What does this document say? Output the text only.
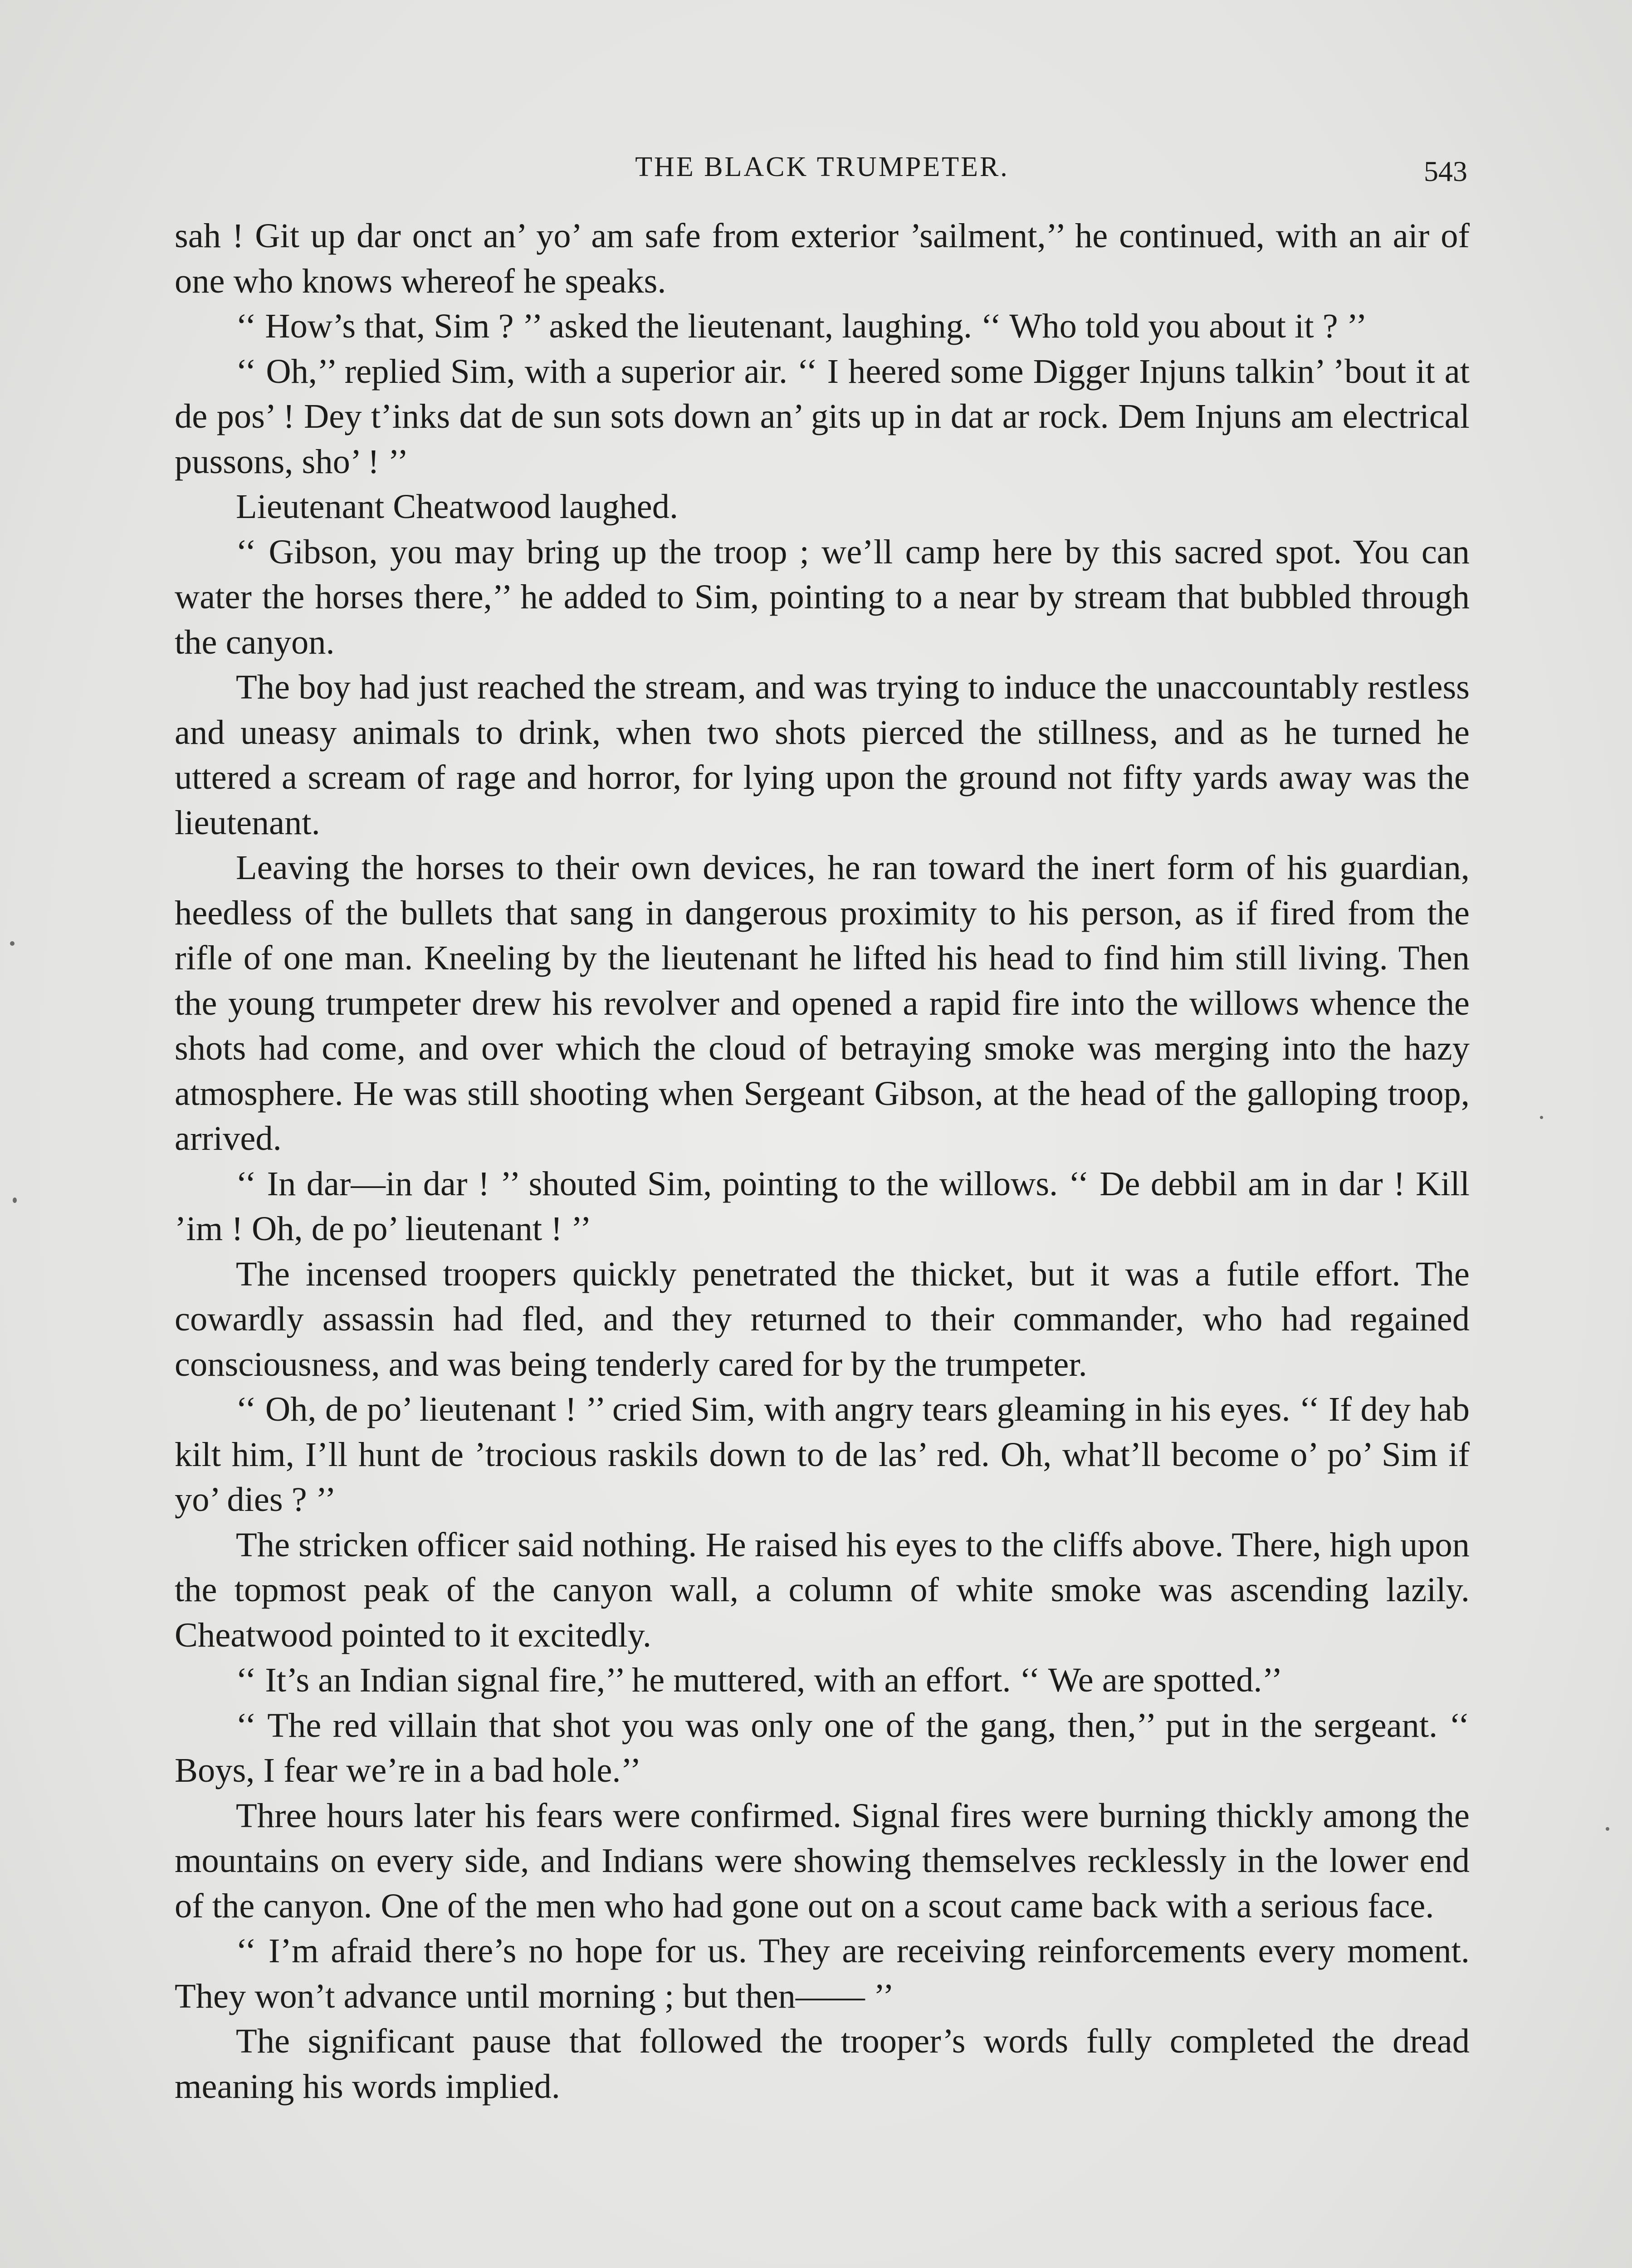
THE BLACK TRUMPETER.	543

sah ! Git up dar onct an’ yo’ am safe from exterior ’sailment,’’ he continued, with an air of one who knows whereof he speaks.

‘‘ How’s that, Sim ? ’’ asked the lieutenant, laughing. ‘‘ Who told you about it ? ’’

‘‘ Oh,’’ replied Sim, with a superior air. ‘‘ I heered some Digger Injuns talkin’ ’bout it at de pos’ ! Dey t’inks dat de sun sots down an’ gits up in dat ar rock. Dem Injuns am electrical pussons, sho’ ! ’’

Lieutenant Cheatwood laughed.

‘‘ Gibson, you may bring up the troop ; we’ll camp here by this sacred spot. You can water the horses there,’’ he added to Sim, pointing to a near by stream that bubbled through the canyon.

The boy had just reached the stream, and was trying to induce the unaccountably restless and uneasy animals to drink, when two shots pierced the stillness, and as he turned he uttered a scream of rage and horror, for lying upon the ground not fifty yards away was the lieutenant.

Leaving the horses to their own devices, he ran toward the inert form of his guardian, heedless of the bullets that sang in dangerous proximity to his person, as if fired from the rifle of one man. Kneeling by the lieutenant he lifted his head to find him still living. Then the young trumpeter drew his revolver and opened a rapid fire into the willows whence the shots had come, and over which the cloud of betraying smoke was merging into the hazy atmosphere. He was still shooting when Sergeant Gibson, at the head of the galloping troop, arrived.

‘‘ In dar—in dar ! ’’ shouted Sim, pointing to the willows. ‘‘ De debbil am in dar ! Kill ’im ! Oh, de po’ lieutenant ! ’’

The incensed troopers quickly penetrated the thicket, but it was a futile effort. The cowardly assassin had fled, and they returned to their commander, who had regained consciousness, and was being tenderly cared for by the trumpeter.

‘‘ Oh, de po’ lieutenant ! ’’ cried Sim, with angry tears gleaming in his eyes. ‘‘ If dey hab kilt him, I’ll hunt de ’trocious raskils down to de las’ red. Oh, what’ll become o’ po’ Sim if yo’ dies ? ’’

The stricken officer said nothing. He raised his eyes to the cliffs above. There, high upon the topmost peak of the canyon wall, a column of white smoke was ascending lazily. Cheatwood pointed to it excitedly.

‘‘ It’s an Indian signal fire,’’ he muttered, with an effort. ‘‘ We are spotted.’’

‘‘ The red villain that shot you was only one of the gang, then,’’ put in the sergeant. ‘‘ Boys, I fear we’re in a bad hole.’’

Three hours later his fears were confirmed. Signal fires were burning thickly among the mountains on every side, and Indians were showing themselves recklessly in the lower end of the canyon. One of the men who had gone out on a scout came back with a serious face.

‘‘ I’m afraid there’s no hope for us. They are receiving reinforcements every moment. They won’t advance until morning ; but then—— ’’

The significant pause that followed the trooper’s words fully completed the dread meaning his words implied.
